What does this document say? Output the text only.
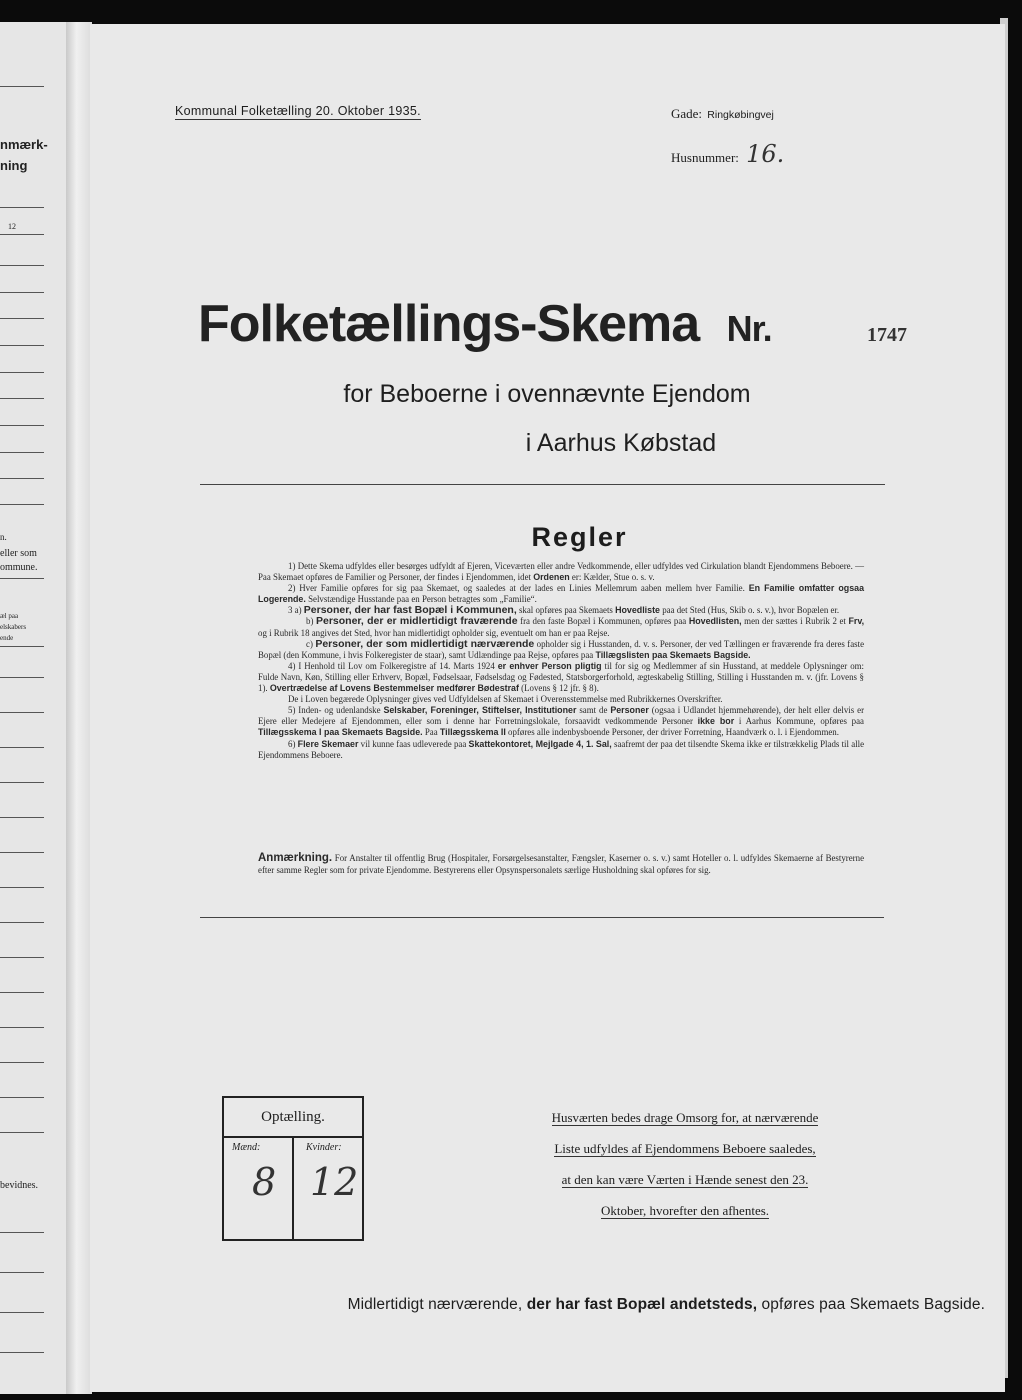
nmærk-
ning
12
n.
eller som
ommune.
æl paa
elskabers
ende
bevidnes.
Kommunal Folketælling 20. Oktober 1935.	Gade: Ringkøbingvej
Husnummer: 16.
Folketællings-Skema Nr.	1747
for Beboerne i ovennævnte Ejendom
i Aarhus Købstad
Regler
1) Dette Skema udfyldes eller besørges udfyldt af Ejeren, Viceværten eller andre Vedkommende, eller udfyldes ved Cirkulation blandt Ejendommens Beboere. — Paa Skemaet opføres de Familier og Personer, der findes i Ejendommen, idet Ordenen er: Kælder, Stue o. s. v.
2) Hver Familie opføres for sig paa Skemaet, og saaledes at der lades en Linies Mellemrum aaben mellem hver Familie. En Familie omfatter ogsaa Logerende. Selvstændige Husstande paa en Person betragtes som „Familie“.
3 a) Personer, der har fast Bopæl i Kommunen, skal opføres paa Skemaets Hovedliste paa det Sted (Hus, Skib o. s. v.), hvor Bopælen er.
b) Personer, der er midlertidigt fraværende fra den faste Bopæl i Kommunen, opføres paa Hovedlisten, men der sættes i Rubrik 2 et Frv, og i Rubrik 18 angives det Sted, hvor han midlertidigt opholder sig, eventuelt om han er paa Rejse.
c) Personer, der som midlertidigt nærværende opholder sig i Husstanden, d. v. s. Personer, der ved Tællingen er fraværende fra deres faste Bopæl (den Kommune, i hvis Folkeregister de staar), samt Udlændinge paa Rejse, opføres paa Tillægslisten paa Skemaets Bagside.
4) I Henhold til Lov om Folkeregistre af 14. Marts 1924 er enhver Person pligtig til for sig og Medlemmer af sin Husstand, at meddele Oplysninger om: Fulde Navn, Køn, Stilling eller Erhverv, Bopæl, Fødselsaar, Fødselsdag og Fødested, Statsborgerforhold, ægteskabelig Stilling, Stilling i Husstanden m. v. (jfr. Lovens § 1). Overtrædelse af Lovens Bestemmelser medfører Bødestraf (Lovens § 12 jfr. § 8).
De i Loven begærede Oplysninger gives ved Udfyldelsen af Skemaet i Overensstemmelse med Rubrikkernes Overskrifter.
5) Inden- og udenlandske Selskaber, Foreninger, Stiftelser, Institutioner samt de Personer (ogsaa i Udlandet hjemmehørende), der helt eller delvis er Ejere eller Medejere af Ejendommen, eller som i denne har Forretningslokale, forsaavidt vedkommende Personer ikke bor i Aarhus Kommune, opføres paa Tillægsskema I paa Skemaets Bagside. Paa Tillægsskema II opføres alle indenbysboende Personer, der driver Forretning, Haandværk o. l. i Ejendommen.
6) Flere Skemaer vil kunne faas udleverede paa Skattekontoret, Mejlgade 4, 1. Sal, saafremt der paa det tilsendte Skema ikke er tilstrækkelig Plads til alle Ejendommens Beboere.
Anmærkning. For Anstalter til offentlig Brug (Hospitaler, Forsørgelsesanstalter, Fængsler, Kaserner o. s. v.) samt Hoteller o. l. udfyldes Skemaerne af Bestyrerne efter samme Regler som for private Ejendomme. Bestyrerens eller Opsynspersonalets særlige Husholdning skal opføres for sig.
Optælling.
Mænd:	Kvinder:
8 12
Husværten bedes drage Omsorg for, at nærværende
Liste udfyldes af Ejendommens Beboere saaledes,
at den kan være Værten i Hænde senest den 23.
Oktober, hvorefter den afhentes.
Midlertidigt nærværende, der har fast Bopæl andetsteds, opføres paa Skemaets Bagside.
